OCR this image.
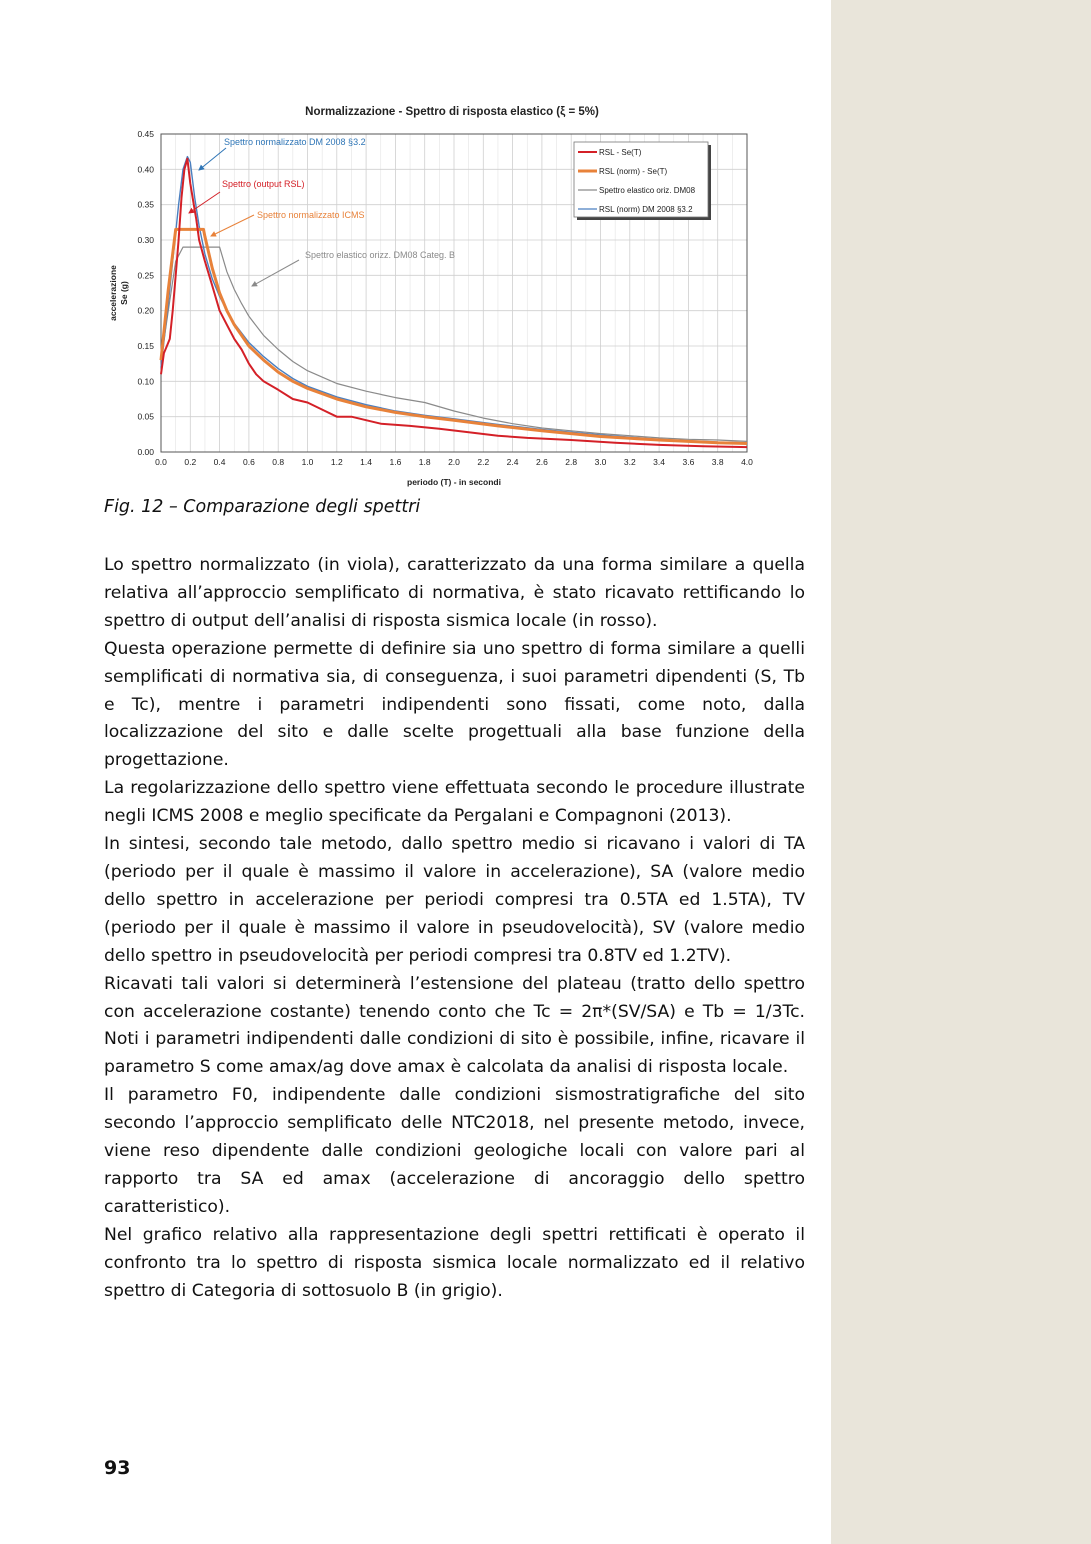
Normalizzazione - Spettro di risposta elastico (ξ = 5%)
0.0 0.2 0.4 0.6 0.8 1.0 1.2 1.4 1.6 1.8 2.0 2.2 2.4 2.6 2.8 3.0 3.2 3.4 3.6 3.8 4.0
0.00
0.05
0.10
0.15
0.20
0.25
0.30
0.35
0.40
0.45
periodo (T) - in secondi
accelerazione Se (g)
RSL - Se(T)
RSL (norm) - Se(T)
Spettro elastico oriz. DM08
RSL (norm) DM 2008 §3.2
Spettro normalizzato DM 2008 §3.2
Spettro (output RSL)
Spettro normalizzato ICMS
Spettro elastico orizz. DM08 Categ. B
Fig. 12 – Comparazione degli spettri

Lo spettro normalizzato (in viola), caratterizzato da una forma similare a quella relativa all’approccio semplificato di normativa, è stato ricavato rettificando lo spettro di output dell’analisi di risposta sismica locale (in rosso).

Questa operazione permette di definire sia uno spettro di forma similare a quelli semplificati di normativa sia, di conseguenza, i suoi parametri dipendenti (S, Tb e Tc), mentre i parametri indipendenti sono fissati, come noto, dalla localizzazione del sito e dalle scelte progettuali alla base funzione della progettazione.

La regolarizzazione dello spettro viene effettuata secondo le procedure illustrate negli ICMS 2008 e meglio specificate da Pergalani e Compagnoni (2013).

In sintesi, secondo tale metodo, dallo spettro medio si ricavano i valori di TA (periodo per il quale è massimo il valore in accelerazione), SA (valore medio dello spettro in accelerazione per periodi compresi tra 0.5TA ed 1.5TA), TV (periodo per il quale è massimo il valore in pseudovelocità), SV (valore medio dello spettro in pseudovelocità per periodi compresi tra 0.8TV ed 1.2TV).

Ricavati tali valori si determinerà l’estensione del plateau (tratto dello spettro con accelerazione costante) tenendo conto che Tc = 2π*(SV/SA) e Tb = 1/3Tc. Noti i parametri indipendenti dalle condizioni di sito è possibile, infine, ricavare il parametro S come amax/ag dove amax è calcolata da analisi di risposta locale.

Il parametro F0, indipendente dalle condizioni sismostratigrafiche del sito secondo l’approccio semplificato delle NTC2018, nel presente metodo, invece, viene reso dipendente dalle condizioni geologiche locali con valore pari al rapporto tra SA ed amax (accelerazione di ancoraggio dello spettro caratteristico).

Nel grafico relativo alla rappresentazione degli spettri rettificati è operato il confronto tra lo spettro di risposta sismica locale normalizzato ed il relativo spettro di Categoria di sottosuolo B (in grigio).

93
